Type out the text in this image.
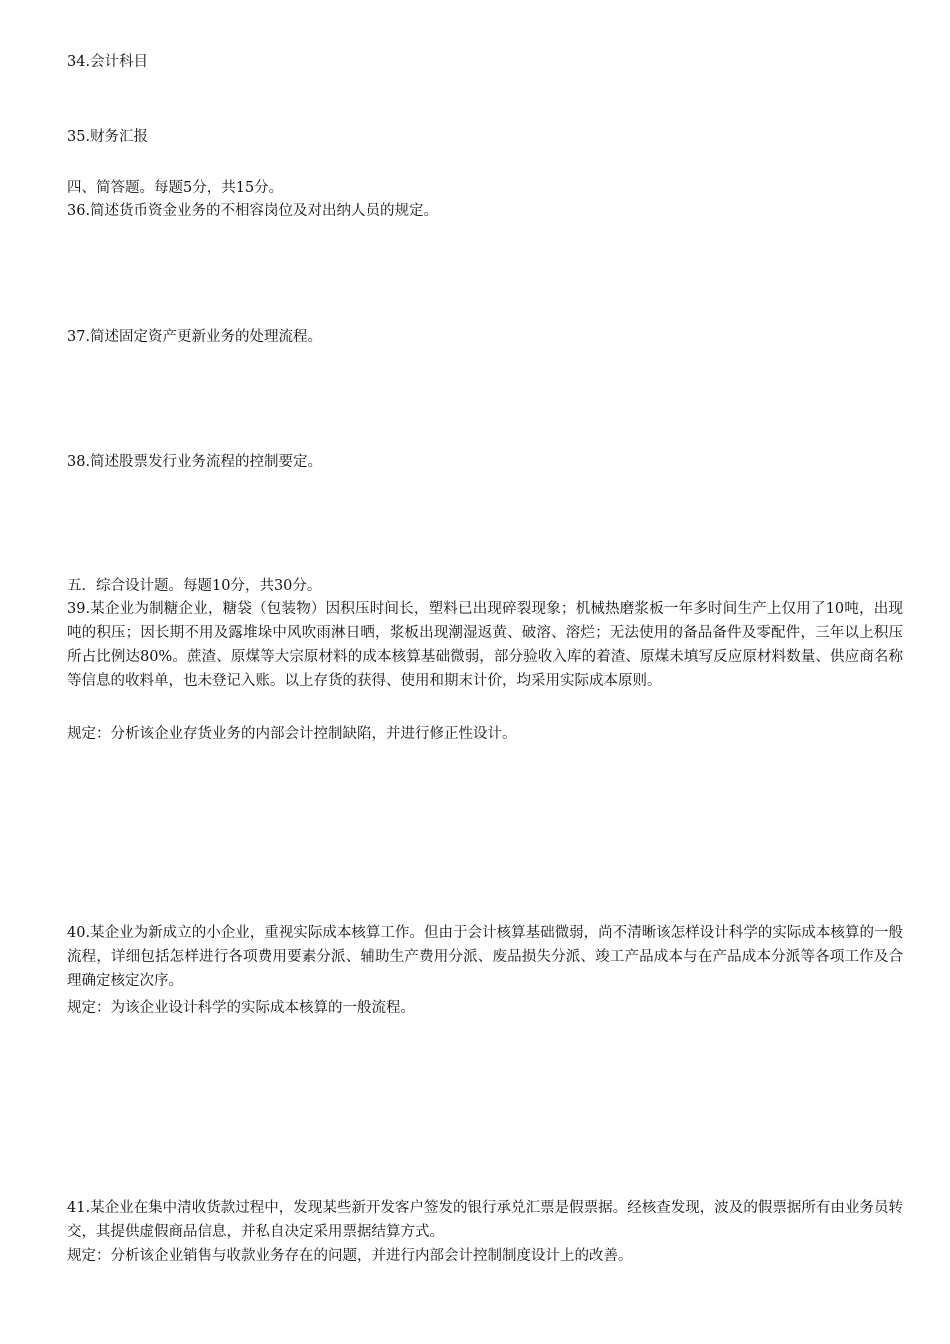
34.会计科目
35.财务汇报
四、简答题。每题5分，共15分。
36.简述货币资金业务的不相容岗位及对出纳人员的规定。
37.简述固定资产更新业务的处理流程。
38.简述股票发行业务流程的控制要定。
五．综合设计题。每题10分，共30分。
39.某企业为制糖企业，糖袋（包装物）因积压时间长，塑料已出现碎裂现象；机械热磨浆板一年多时间生产上仅用了10吨，出现吨的积压；因长期不用及露堆垛中风吹雨淋日晒，浆板出现潮湿返黄、破溶、溶烂；无法使用的备品备件及零配件，三年以上积压所占比例达80%。蔗渣、原煤等大宗原材料的成本核算基础微弱，部分验收入库的着渣、原煤未填写反应原材料数量、供应商名称等信息的收料单，也未登记入账。以上存货的获得、使用和期末计价，均采用实际成本原则。
规定：分析该企业存货业务的内部会计控制缺陷，并进行修正性设计。
40.某企业为新成立的小企业，重视实际成本核算工作。但由于会计核算基础微弱，尚不清晰该怎样设计科学的实际成本核算的一般流程，详细包括怎样进行各项费用要素分派、辅助生产费用分派、废品损失分派、竣工产品成本与在产品成本分派等各项工作及合理确定核定次序。
规定：为该企业设计科学的实际成本核算的一般流程。
41.某企业在集中清收货款过程中，发现某些新开发客户签发的银行承兑汇票是假票据。经核查发现，波及的假票据所有由业务员转交，其提供虚假商品信息，并私自决定采用票据结算方式。
规定：分析该企业销售与收款业务存在的问题，并进行内部会计控制制度设计上的改善。
